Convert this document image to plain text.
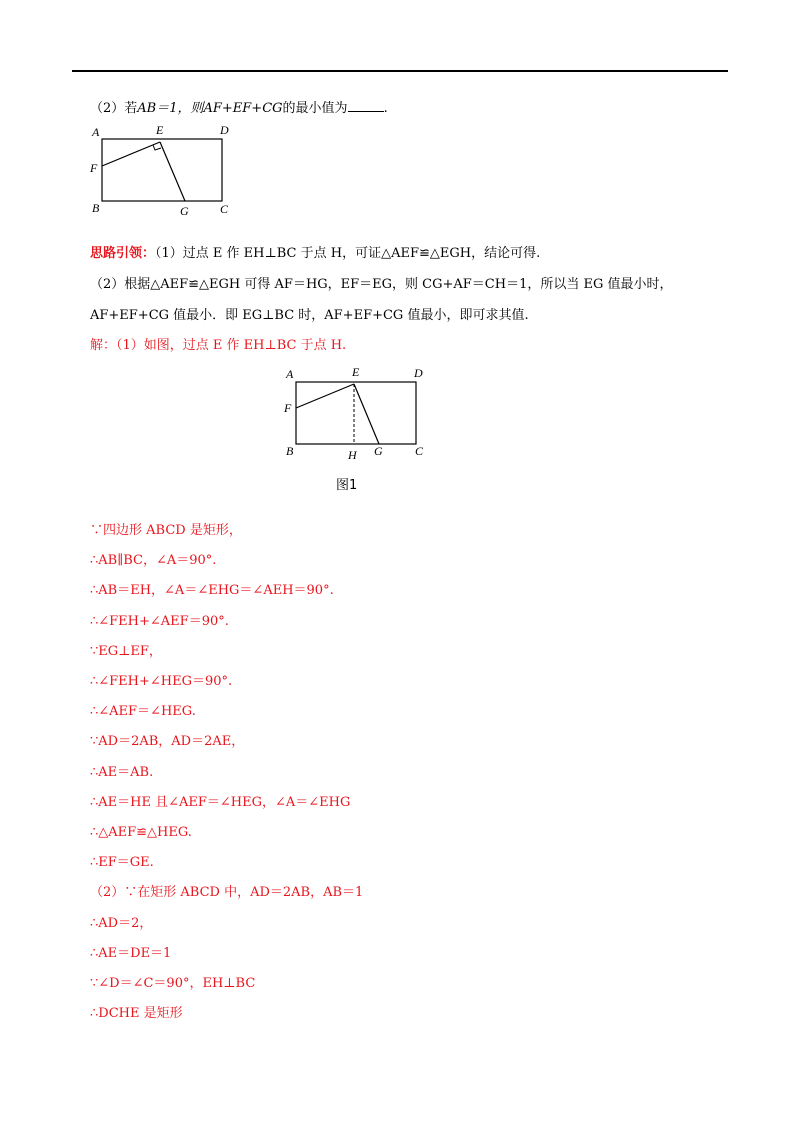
（2）若AB＝1，则AF+EF+CG的最小值为	.
A	E	D
F
B	G	C
思路引领：（1）过点 E 作 EH⊥BC 于点 H，可证△AEF≌△EGH，结论可得.
（2）根据△AEF≌△EGH 可得 AF＝HG，EF＝EG，则 CG+AF＝CH＝1，所以当 EG 值最小时，
AF+EF+CG 值最小．即 EG⊥BC 时，AF+EF+CG 值最小，即可求其值.
解：（1）如图，过点 E 作 EH⊥BC 于点 H.
A	E	D
F
B	H G	C
图1
∵四边形 ABCD 是矩形，
∴AB∥BC，∠A＝90°.
∴AB＝EH，∠A＝∠EHG＝∠AEH＝90°.
∴∠FEH+∠AEF＝90°.
∵EG⊥EF，
∴∠FEH+∠HEG＝90°.
∴∠AEF＝∠HEG.
∵AD＝2AB，AD＝2AE，
∴AE＝AB.
∴AE＝HE 且∠AEF＝∠HEG，∠A＝∠EHG
∴△AEF≌△HEG.
∴EF＝GE.
（2）∵在矩形 ABCD 中，AD＝2AB，AB＝1
∴AD＝2，
∴AE＝DE＝1
∵∠D＝∠C＝90°，EH⊥BC
∴DCHE 是矩形
